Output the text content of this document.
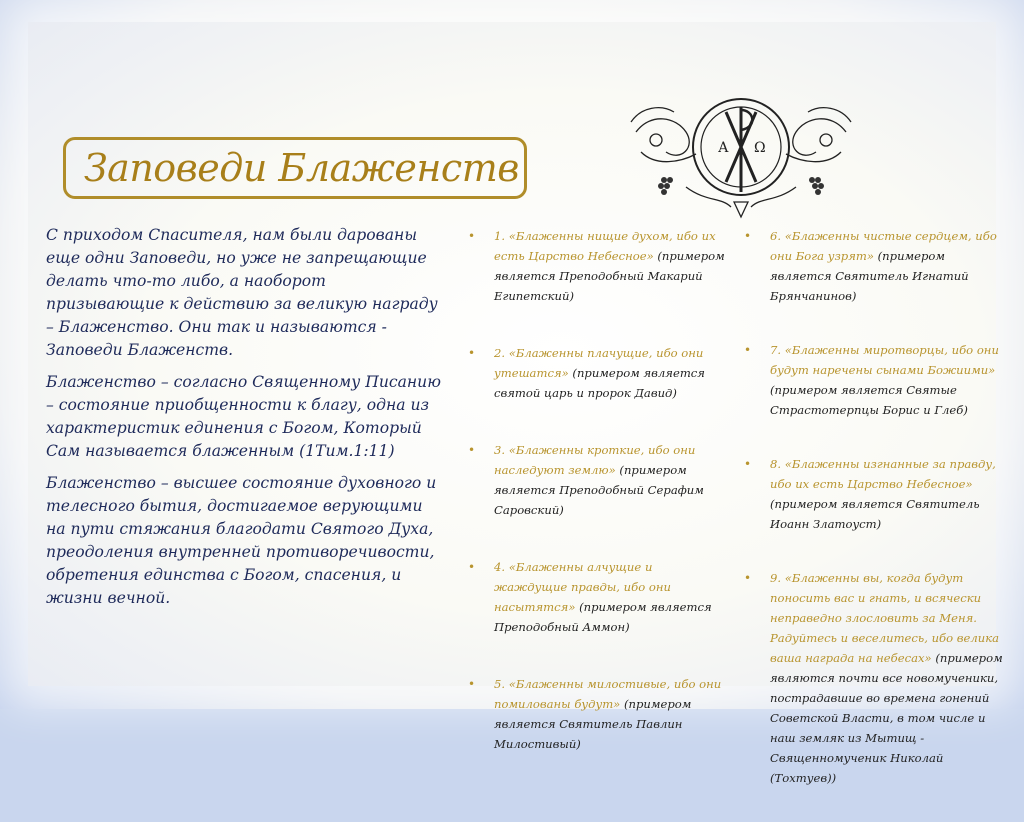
Заповеди Блаженств	А Ω

С приходом Спасителя, нам были дарованы еще одни Заповеди, но уже не запрещающие делать что-то либо, а наоборот призывающие к действию за великую награду – Блаженство. Они так и называются - Заповеди Блаженств.

Блаженство – согласно Священному Писанию – состояние приобщенности к благу, одна из характеристик единения с Богом, Который Сам называется блаженным (1Тим.1:11)

Блаженство – высшее состояние духовного и телесного бытия, достигаемое верующими на пути стяжания благодати Святого Духа, преодоления внутренней противоречивости, обретения единства с Богом, спасения, и жизни вечной.

• 1. «Блаженны нищие духом, ибо их есть Царство Небесное» (примером является Преподобный Макарий Египетский)
• 2. «Блаженны плачущие, ибо они утешатся» (примером является святой царь и пророк Давид)
• 3. «Блаженны кроткие, ибо они наследуют землю» (примером является Преподобный Серафим Саровский)
• 4. «Блаженны алчущие и жаждущие правды, ибо они насытятся» (примером является Преподобный Аммон)
• 5. «Блаженны милостивые, ибо они помилованы будут» (примером является Святитель Павлин Милостивый)
• 6. «Блаженны чистые сердцем, ибо они Бога узрят» (примером является Святитель Игнатий Брянчанинов)
• 7. «Блаженны миротворцы, ибо они будут наречены сынами Божиими» (примером является Святые Страстотерпцы Борис и Глеб)
• 8. «Блаженны изгнанные за правду, ибо их есть Царство Небесное» (примером является Святитель Иоанн Златоуст)
• 9. «Блаженны вы, когда будут поносить вас и гнать, и всячески неправедно злословить за Меня. Радуйтесь и веселитесь, ибо велика ваша награда на небесах» (примером являются почти все новомученики, пострадавшие во времена гонений Советской Власти, в том числе и наш земляк из Мытищ - Священномученик Николай (Тохтуев))
